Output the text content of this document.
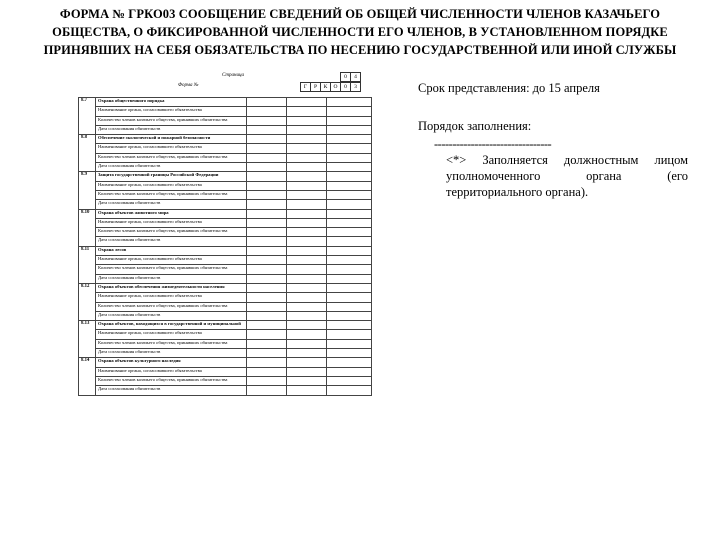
ФОРМА № ГРКО03 СООБЩЕНИЕ СВЕДЕНИЙ ОБ ОБЩЕЙ ЧИСЛЕННОСТИ ЧЛЕНОВ КАЗАЧЬЕГО
ОБЩЕСТВА, О ФИКСИРОВАННОЙ ЧИСЛЕННОСТИ ЕГО ЧЛЕНОВ, В УСТАНОВЛЕННОМ ПОРЯДКЕ
ПРИНЯВШИХ НА СЕБЯ ОБЯЗАТЕЛЬСТВА ПО НЕСЕНИЮ ГОСУДАРСТВЕННОЙ ИЛИ ИНОЙ СЛУЖБЫ
Страница	0	4
Форма №	Г	Р	К	О	0	3
8.7	Охрана общественного порядка			
	Наименование органа, согласовавшего обязательства			
	Количество членов казачьего общества, принявших обязательства			
	Дата согласования обязательств			
8.8	Обеспечение экологической и пожарной безопасности			
	Наименование органа, согласовавшего обязательства			
	Количество членов казачьего общества, принявших обязательства			
	Дата согласования обязательств			
8.9	Защита государственной границы Российской Федерации			
	Наименование органа, согласовавшего обязательства			
	Количество членов казачьего общества, принявших обязательства			
	Дата согласования обязательств			
8.10	Охрана объектов животного мира			
	Наименование органа, согласовавшего обязательства			
	Количество членов казачьего общества, принявших обязательства			
	Дата согласования обязательств			
8.11	Охрана лесов			
	Наименование органа, согласовавшего обязательства			
	Количество членов казачьего общества, принявших обязательства			
	Дата согласования обязательств			
8.12	Охрана объектов обеспечения жизнедеятельности населения			
	Наименование органа, согласовавшего обязательства			
	Количество членов казачьего общества, принявших обязательства			
	Дата согласования обязательств			
8.13	Охрана объектов, находящихся в государственной и муниципальной			
	Наименование органа, согласовавшего обязательства			
	Количество членов казачьего общества, принявших обязательства			
	Дата согласования обязательств			
8.14	Охрана объектов культурного наследия			
	Наименование органа, согласовавшего обязательства			
	Количество членов казачьего общества, принявших обязательства			
	Дата согласования обязательств			
Срок представления: до 15 апреля
Порядок заполнения:
--------------------------------
<*> Заполняется должностным лицом уполномоченного органа (его территориального органа).
